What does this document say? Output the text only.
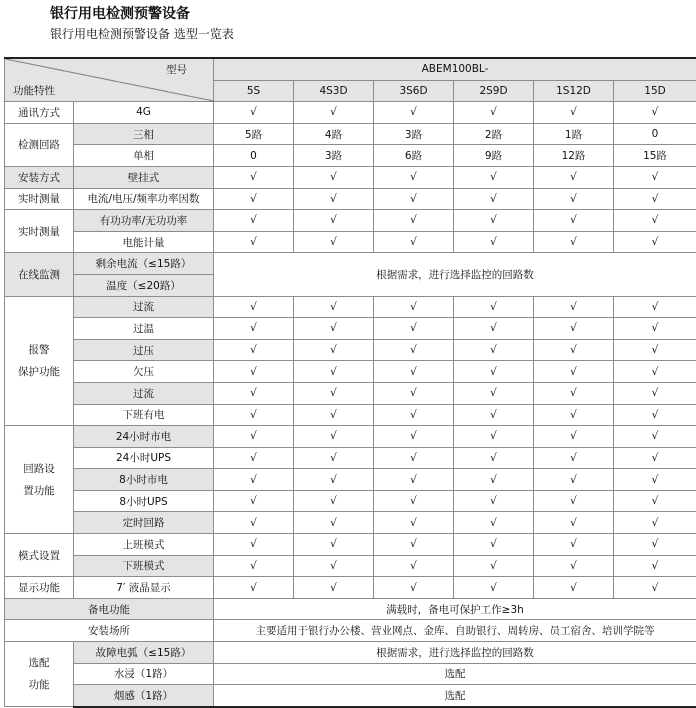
银行用电检测预警设备
银行用电检测预警设备 选型一览表
型号
功能特性		ABEM100BL-					
		5S	4S3D	3S6D	2S9D	1S12D	15D
通讯方式	4G	√	√	√	√	√	√
检测回路	三相	5路	4路	3路	2路	1路	0
	单相	0	3路	6路	9路	12路	15路
安装方式	壁挂式	√	√	√	√	√	√
实时测量	电流/电压/频率功率因数	√	√	√	√	√	√
实时测量	有功功率/无功功率	√	√	√	√	√	√
	电能计量	√	√	√	√	√	√
在线监测	剩余电流（≤15路）	根据需求，进行选择监控的回路数					
	温度（≤20路）						
报警
保护功能	过流	√	√	√	√	√	√
	过温	√	√	√	√	√	√
	过压	√	√	√	√	√	√
	欠压	√	√	√	√	√	√
	过流	√	√	√	√	√	√
	下班有电	√	√	√	√	√	√
回路设
置功能	24小时市电	√	√	√	√	√	√
	24小时UPS	√	√	√	√	√	√
	8小时市电	√	√	√	√	√	√
	8小时UPS	√	√	√	√	√	√
	定时回路	√	√	√	√	√	√
模式设置	上班模式	√	√	√	√	√	√
	下班模式	√	√	√	√	√	√
显示功能	7′ 液晶显示	√	√	√	√	√	√
备电功能		满载时，备电可保护工作≥3h					
安装场所		主要适用于银行办公楼、营业网点、金库、自助银行、周转房、员工宿舍、培训学院等					
选配
功能	故障电弧（≤15路）	根据需求，进行选择监控的回路数					
	水浸（1路）	选配					
	烟感（1路）	选配					
